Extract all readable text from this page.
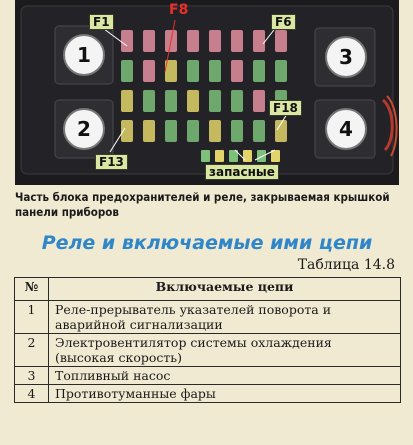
1
2
3
4
F1
F8
F6
F18
F13
запасные
Часть блока предохранителей и реле, закрываемая крышкой панели приборов
Реле и включаемые ими цепи
Таблица 14.8
№	Включаемые цепи
1	Реле-прерыватель указателей поворота и аварийной сигнализации
2	Электровентилятор системы охлаждения (высокая скорость)
3	Топливный насос
4	Противотуманные фары
